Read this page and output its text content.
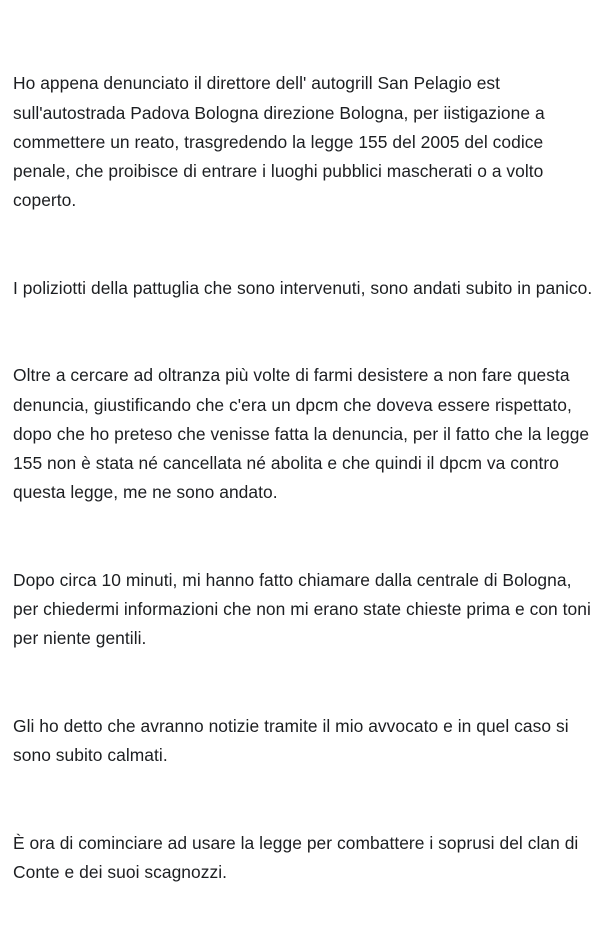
Ho appena denunciato il direttore dell' autogrill San Pelagio est sull'autostrada Padova Bologna direzione Bologna, per iistigazione a commettere un reato, trasgredendo la legge 155 del 2005 del codice penale, che proibisce di entrare i luoghi pubblici mascherati o a volto coperto.

I poliziotti della pattuglia che sono intervenuti, sono andati subito in panico.

Oltre a cercare ad oltranza più volte di farmi desistere a non fare questa denuncia, giustificando che c'era un dpcm che doveva essere rispettato, dopo che ho preteso che venisse fatta la denuncia, per il fatto che la legge 155 non è stata né cancellata né abolita e che quindi il dpcm va contro questa legge, me ne sono andato.

Dopo circa 10 minuti, mi hanno fatto chiamare dalla centrale di Bologna, per chiedermi informazioni che non mi erano state chieste prima e con toni per niente gentili.

Gli ho detto che avranno notizie tramite il mio avvocato e in quel caso si sono subito calmati.

È ora di cominciare ad usare la legge per combattere i soprusi del clan di Conte e dei suoi scagnozzi.
